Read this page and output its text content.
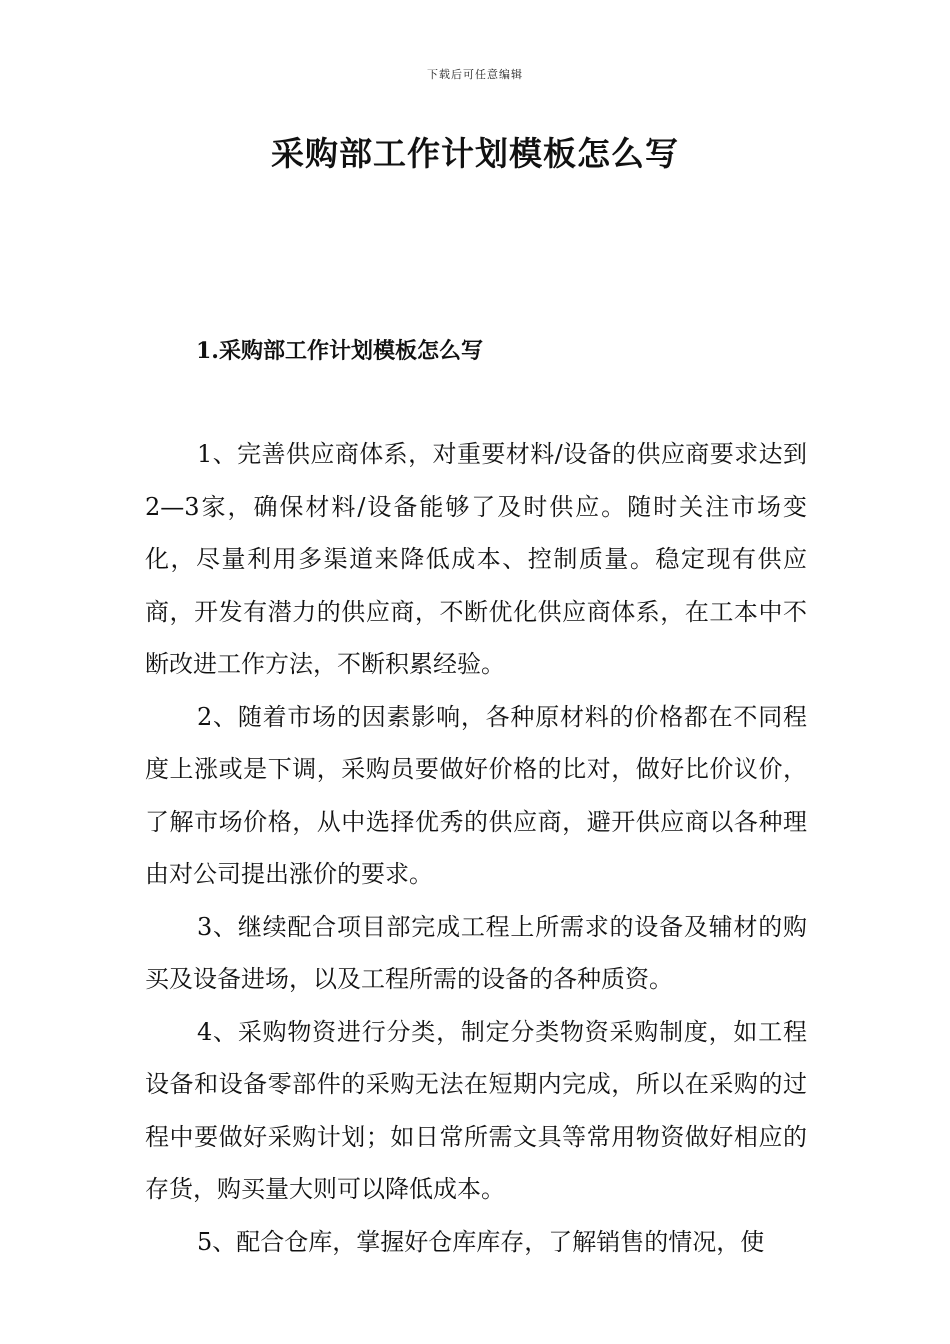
下载后可任意编辑
采购部工作计划模板怎么写
1.采购部工作计划模板怎么写

1、完善供应商体系，对重要材料/设备的供应商要求达到2—3家，确保材料/设备能够了及时供应。随时关注市场变化，尽量利用多渠道来降低成本、控制质量。稳定现有供应商，开发有潜力的供应商，不断优化供应商体系，在工本中不断改进工作方法，不断积累经验。

2、随着市场的因素影响，各种原材料的价格都在不同程度上涨或是下调，采购员要做好价格的比对，做好比价议价，了解市场价格，从中选择优秀的供应商，避开供应商以各种理由对公司提出涨价的要求。

3、继续配合项目部完成工程上所需求的设备及辅材的购买及设备进场，以及工程所需的设备的各种质资。

4、采购物资进行分类，制定分类物资采购制度，如工程设备和设备零部件的采购无法在短期内完成，所以在采购的过程中要做好采购计划；如日常所需文具等常用物资做好相应的存货，购买量大则可以降低成本。

5、配合仓库，掌握好仓库库存，了解销售的情况，使
